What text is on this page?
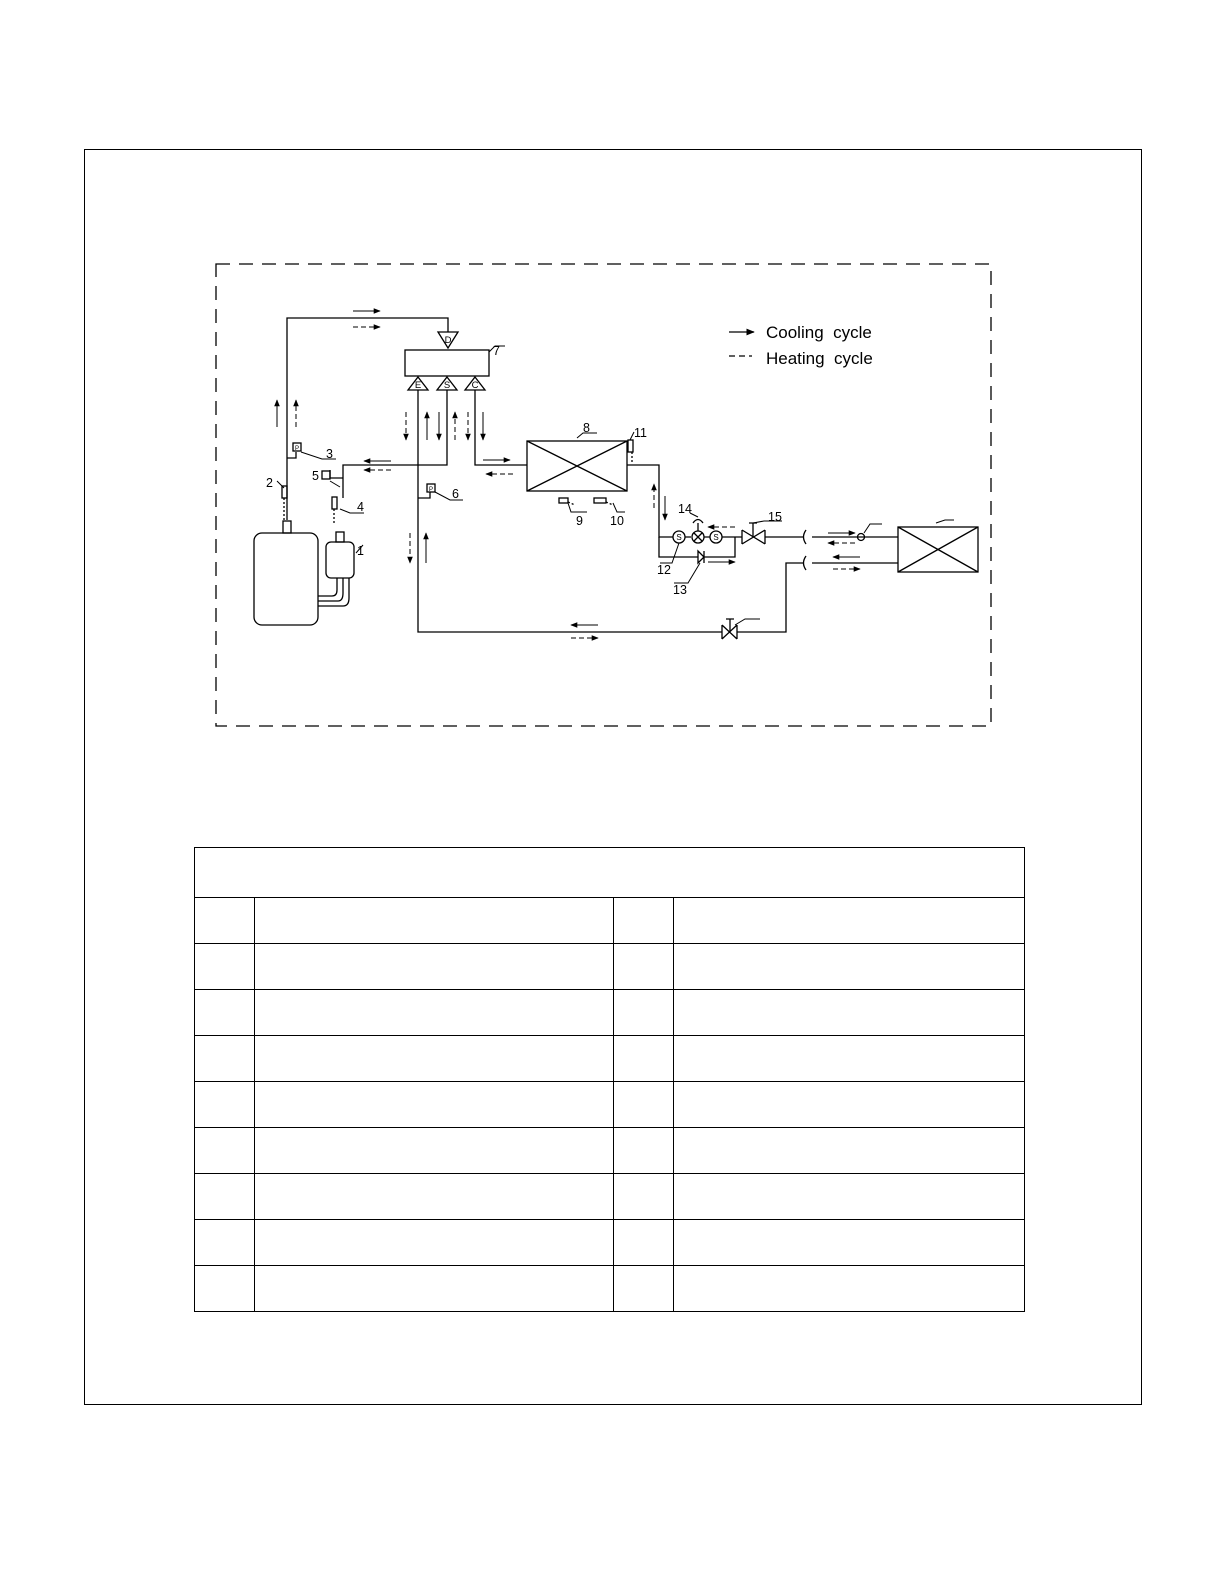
1
2
3
4
5
6
7
8
9 10
11
12
13
14
15
D
E S C
S	S
P
P
Cooling  cycle
Heating  cycle
